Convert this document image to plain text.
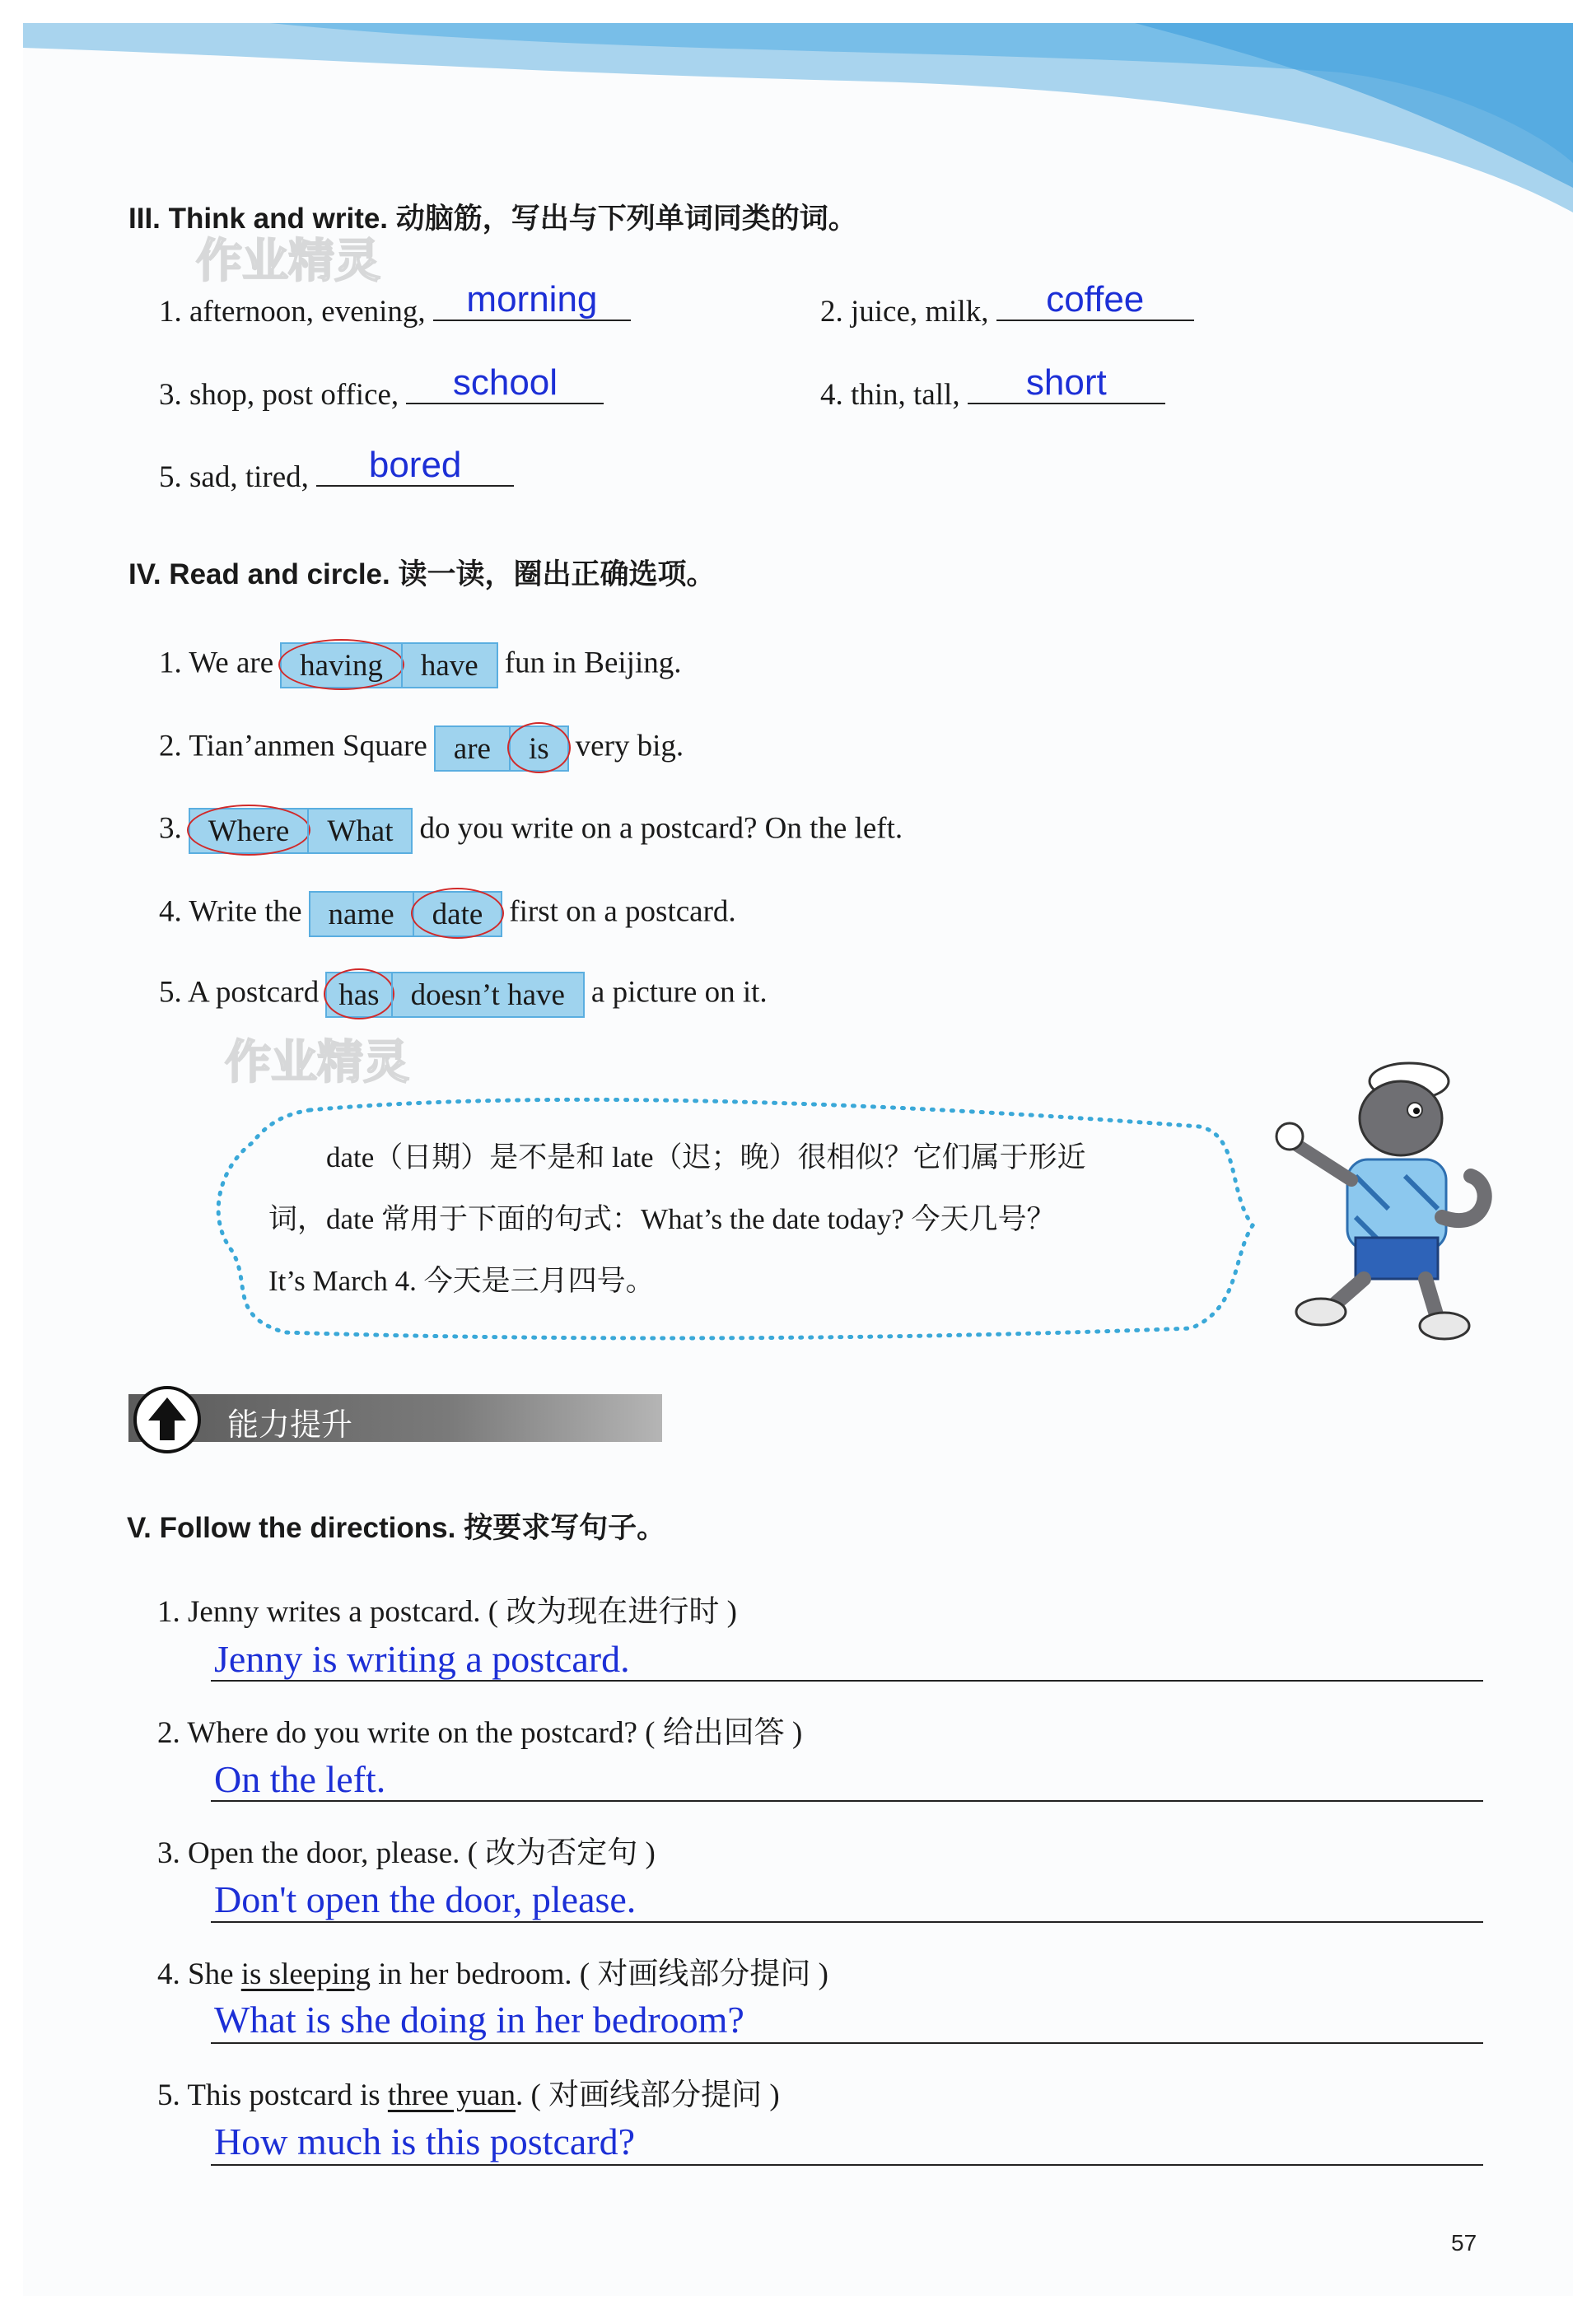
III. Think and write. 动脑筋，写出与下列单词同类的词。
作业精灵
1. afternoon, evening,	morning	2. juice, milk,	coffee
3. shop, post office,	school	4. thin, tall,	short
5. sad, tired,	bored
IV. Read and circle. 读一读，圈出正确选项。
1. We are having	have fun in Beijing.
2. Tian’anmen Square are	is very big.
3. Where	What do you write on a postcard? On the left.
4. Write the name	date first on a postcard.
5. A postcard has	doesn’t have a picture on it.
作业精灵

date（日期）是不是和 late（迟；晚）很相似？它们属于形近

词，date 常用于下面的句式：What’s the date today? 今天几号？

It’s March 4. 今天是三月四号。

能力提升
V. Follow the directions. 按要求写句子。
1. Jenny writes a postcard. ( 改为现在进行时 )
Jenny is writing a postcard.
2. Where do you write on the postcard? ( 给出回答 )
On the left.
3. Open the door, please. ( 改为否定句 )
Don't open the door, please.
4. She is sleeping in her bedroom. ( 对画线部分提问 )
What is she doing in her bedroom?
5. This postcard is three yuan. ( 对画线部分提问 )
How much is this postcard?
57
